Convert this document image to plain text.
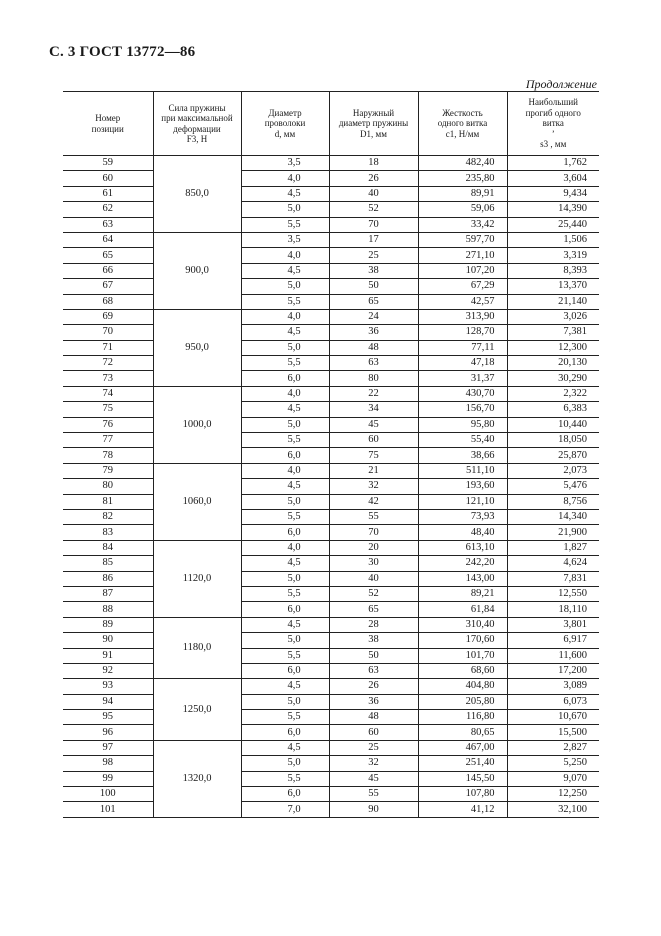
С. 3 ГОСТ 13772—86
Продолжение
Номер
позиции	Сила пружины
при максимальной
деформации
F3, Н	Диаметр
проволоки
d, мм	Наружный
диаметр пружины
D1, мм	Жесткость
одного витка
c1, Н/мм	Наибольший
прогиб одного
витка
’
s3 , мм
59	850,0	3,5	18	482,40	1,762
60		4,0	26	235,80	3,604
61		4,5	40	89,91	9,434
62		5,0	52	59,06	14,390
63		5,5	70	33,42	25,440
64	900,0	3,5	17	597,70	1,506
65		4,0	25	271,10	3,319
66		4,5	38	107,20	8,393
67		5,0	50	67,29	13,370
68		5,5	65	42,57	21,140
69	950,0	4,0	24	313,90	3,026
70		4,5	36	128,70	7,381
71		5,0	48	77,11	12,300
72		5,5	63	47,18	20,130
73		6,0	80	31,37	30,290
74	1000,0	4,0	22	430,70	2,322
75		4,5	34	156,70	6,383
76		5,0	45	95,80	10,440
77		5,5	60	55,40	18,050
78		6,0	75	38,66	25,870
79	1060,0	4,0	21	511,10	2,073
80		4,5	32	193,60	5,476
81		5,0	42	121,10	8,756
82		5,5	55	73,93	14,340
83		6,0	70	48,40	21,900
84	1120,0	4,0	20	613,10	1,827
85		4,5	30	242,20	4,624
86		5,0	40	143,00	7,831
87		5,5	52	89,21	12,550
88		6,0	65	61,84	18,110
89	1180,0	4,5	28	310,40	3,801
90		5,0	38	170,60	6,917
91		5,5	50	101,70	11,600
92		6,0	63	68,60	17,200
93	1250,0	4,5	26	404,80	3,089
94		5,0	36	205,80	6,073
95		5,5	48	116,80	10,670
96		6,0	60	80,65	15,500
97	1320,0	4,5	25	467,00	2,827
98		5,0	32	251,40	5,250
99		5,5	45	145,50	9,070
100		6,0	55	107,80	12,250
101		7,0	90	41,12	32,100
